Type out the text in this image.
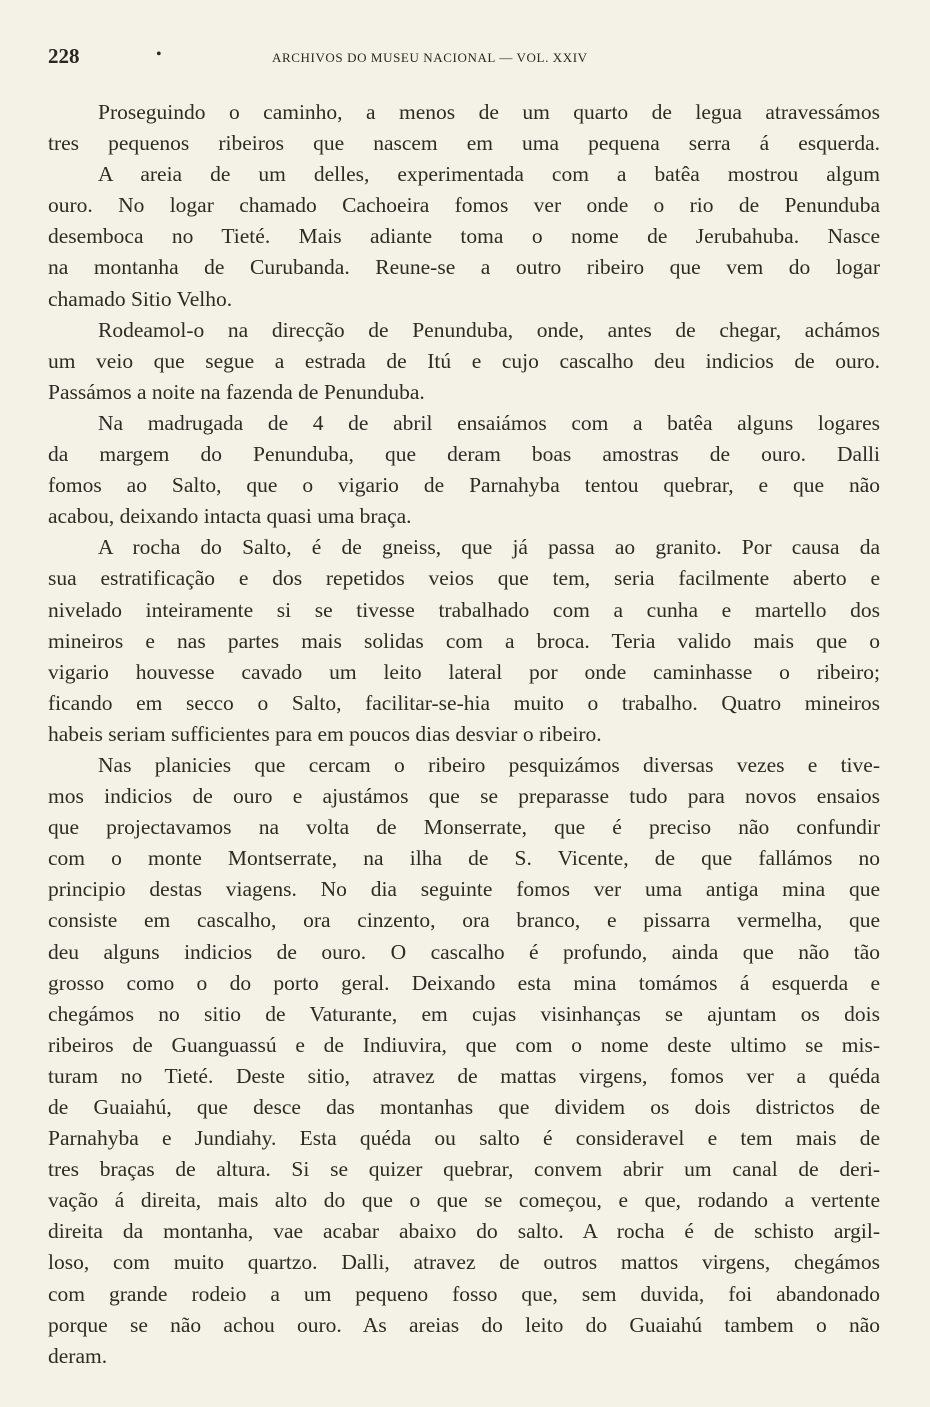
228	•	ARCHIVOS DO MUSEU NACIONAL — VOL. XXIV
Proseguindo o caminho, a menos de um quarto de legua atravessámos
tres pequenos ribeiros que nascem em uma pequena serra á esquerda.
A areia de um delles, experimentada com a batêa mostrou algum
ouro. No logar chamado Cachoeira fomos ver onde o rio de Penunduba
desemboca no Tieté. Mais adiante toma o nome de Jerubahuba. Nasce
na montanha de Curubanda. Reune-se a outro ribeiro que vem do logar
chamado Sitio Velho.
Rodeamol-o na direcção de Penunduba, onde, antes de chegar, achámos
um veio que segue a estrada de Itú e cujo cascalho deu indicios de ouro.
Passámos a noite na fazenda de Penunduba.
Na madrugada de 4 de abril ensaiámos com a batêa alguns logares
da margem do Penunduba, que deram boas amostras de ouro. Dalli
fomos ao Salto, que o vigario de Parnahyba tentou quebrar, e que não
acabou, deixando intacta quasi uma braça.
A rocha do Salto, é de gneiss, que já passa ao granito. Por causa da
sua estratificação e dos repetidos veios que tem, seria facilmente aberto e
nivelado inteiramente si se tivesse trabalhado com a cunha e martello dos
mineiros e nas partes mais solidas com a broca. Teria valido mais que o
vigario houvesse cavado um leito lateral por onde caminhasse o ribeiro;
ficando em secco o Salto, facilitar-se-hia muito o trabalho. Quatro mineiros
habeis seriam sufficientes para em poucos dias desviar o ribeiro.
Nas planicies que cercam o ribeiro pesquizámos diversas vezes e tive-
mos indicios de ouro e ajustámos que se preparasse tudo para novos ensaios
que projectavamos na volta de Monserrate, que é preciso não confundir
com o monte Montserrate, na ilha de S. Vicente, de que fallámos no
principio destas viagens. No dia seguinte fomos ver uma antiga mina que
consiste em cascalho, ora cinzento, ora branco, e pissarra vermelha, que
deu alguns indicios de ouro. O cascalho é profundo, ainda que não tão
grosso como o do porto geral. Deixando esta mina tomámos á esquerda e
chegámos no sitio de Vaturante, em cujas visinhanças se ajuntam os dois
ribeiros de Guanguassú e de Indiuvira, que com o nome deste ultimo se mis-
turam no Tieté. Deste sitio, atravez de mattas virgens, fomos ver a quéda
de Guaiahú, que desce das montanhas que dividem os dois districtos de
Parnahyba e Jundiahy. Esta quéda ou salto é consideravel e tem mais de
tres braças de altura. Si se quizer quebrar, convem abrir um canal de deri-
vação á direita, mais alto do que o que se começou, e que, rodando a vertente
direita da montanha, vae acabar abaixo do salto. A rocha é de schisto argil-
loso, com muito quartzo. Dalli, atravez de outros mattos virgens, chegámos
com grande rodeio a um pequeno fosso que, sem duvida, foi abandonado
porque se não achou ouro. As areias do leito do Guaiahú tambem o não
deram.
